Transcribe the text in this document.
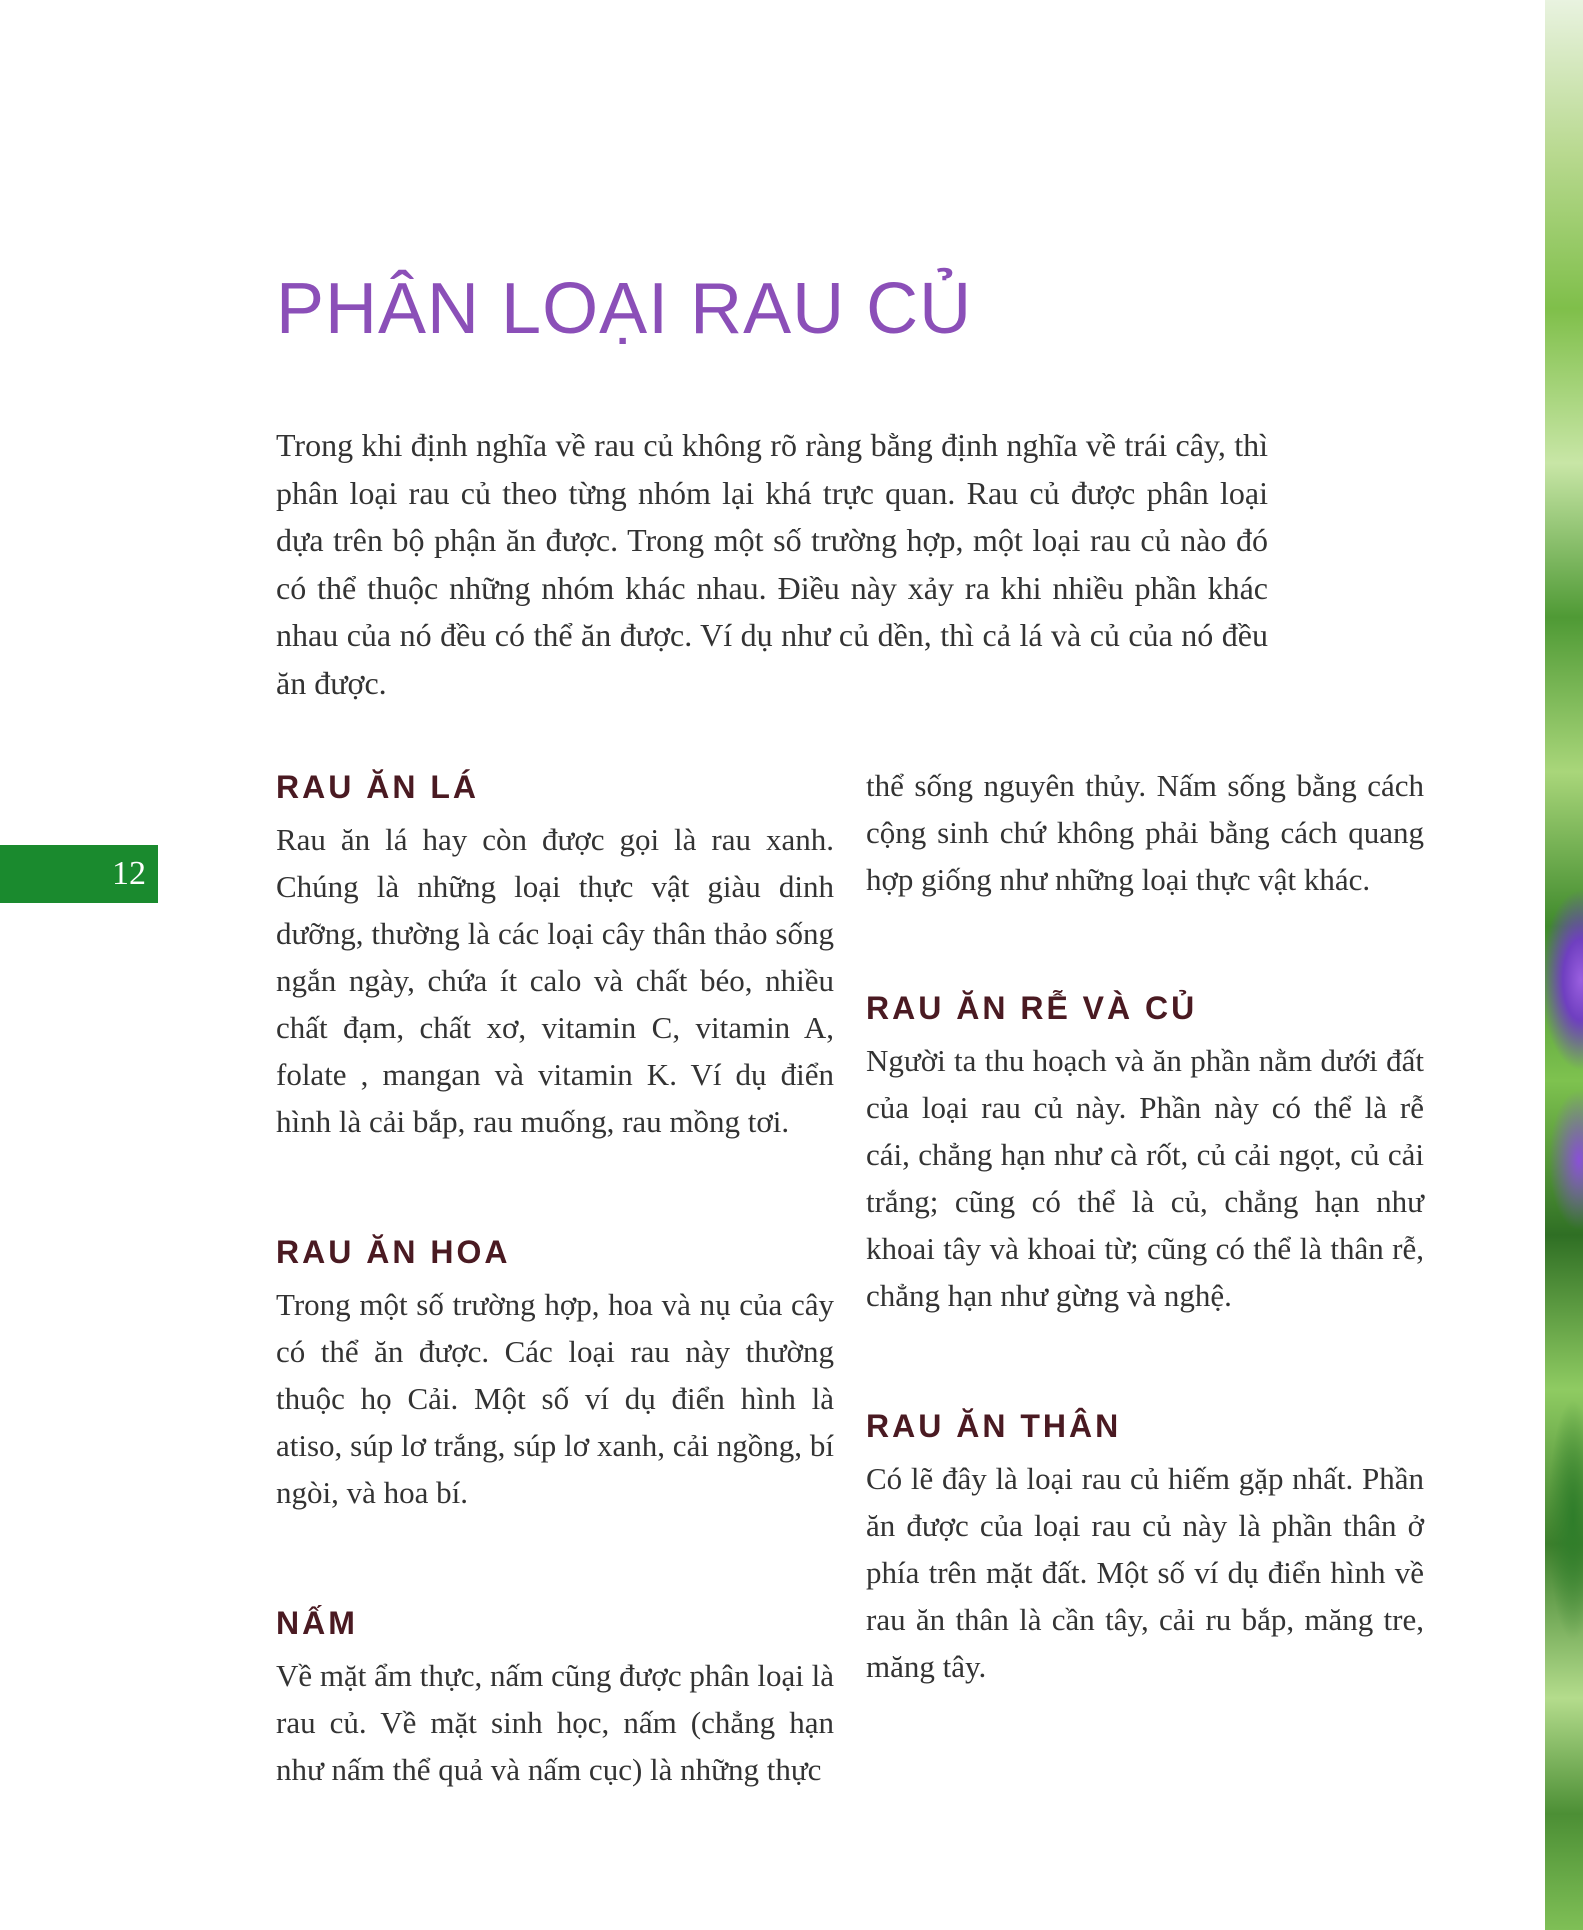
PHÂN LOẠI RAU CỦ

Trong khi định nghĩa về rau củ không rõ ràng bằng định nghĩa về trái cây, thì phân loại rau củ theo từng nhóm lại khá trực quan. Rau củ được phân loại dựa trên bộ phận ăn được. Trong một số trường hợp, một loại rau củ nào đó có thể thuộc những nhóm khác nhau. Điều này xảy ra khi nhiều phần khác nhau của nó đều có thể ăn được. Ví dụ như củ dền, thì cả lá và củ của nó đều ăn được.

RAU ĂN LÁ

Rau ăn lá hay còn được gọi là rau xanh. Chúng là những loại thực vật giàu dinh dưỡng, thường là các loại cây thân thảo sống ngắn ngày, chứa ít calo và chất béo, nhiều chất đạm, chất xơ, vitamin C, vitamin A, folate , mangan và vitamin K. Ví dụ điển hình là cải bắp, rau muống, rau mồng tơi.

RAU ĂN HOA

Trong một số trường hợp, hoa và nụ của cây có thể ăn được. Các loại rau này thường thuộc họ Cải. Một số ví dụ điển hình là atiso, súp lơ trắng, súp lơ xanh, cải ngồng, bí ngòi, và hoa bí.

NẤM

Về mặt ẩm thực, nấm cũng được phân loại là rau củ. Về mặt sinh học, nấm (chẳng hạn như nấm thể quả và nấm cục) là những thực

thể sống nguyên thủy. Nấm sống bằng cách cộng sinh chứ không phải bằng cách quang hợp giống như những loại thực vật khác.

RAU ĂN RỄ VÀ CỦ

Người ta thu hoạch và ăn phần nằm dưới đất của loại rau củ này. Phần này có thể là rễ cái, chẳng hạn như cà rốt, củ cải ngọt, củ cải trắng; cũng có thể là củ, chẳng hạn như khoai tây và khoai từ; cũng có thể là thân rễ, chẳng hạn như gừng và nghệ.

RAU ĂN THÂN

Có lẽ đây là loại rau củ hiếm gặp nhất. Phần ăn được của loại rau củ này là phần thân ở phía trên mặt đất. Một số ví dụ điển hình về rau ăn thân là cần tây, cải ru bắp, măng tre, măng tây.

12
